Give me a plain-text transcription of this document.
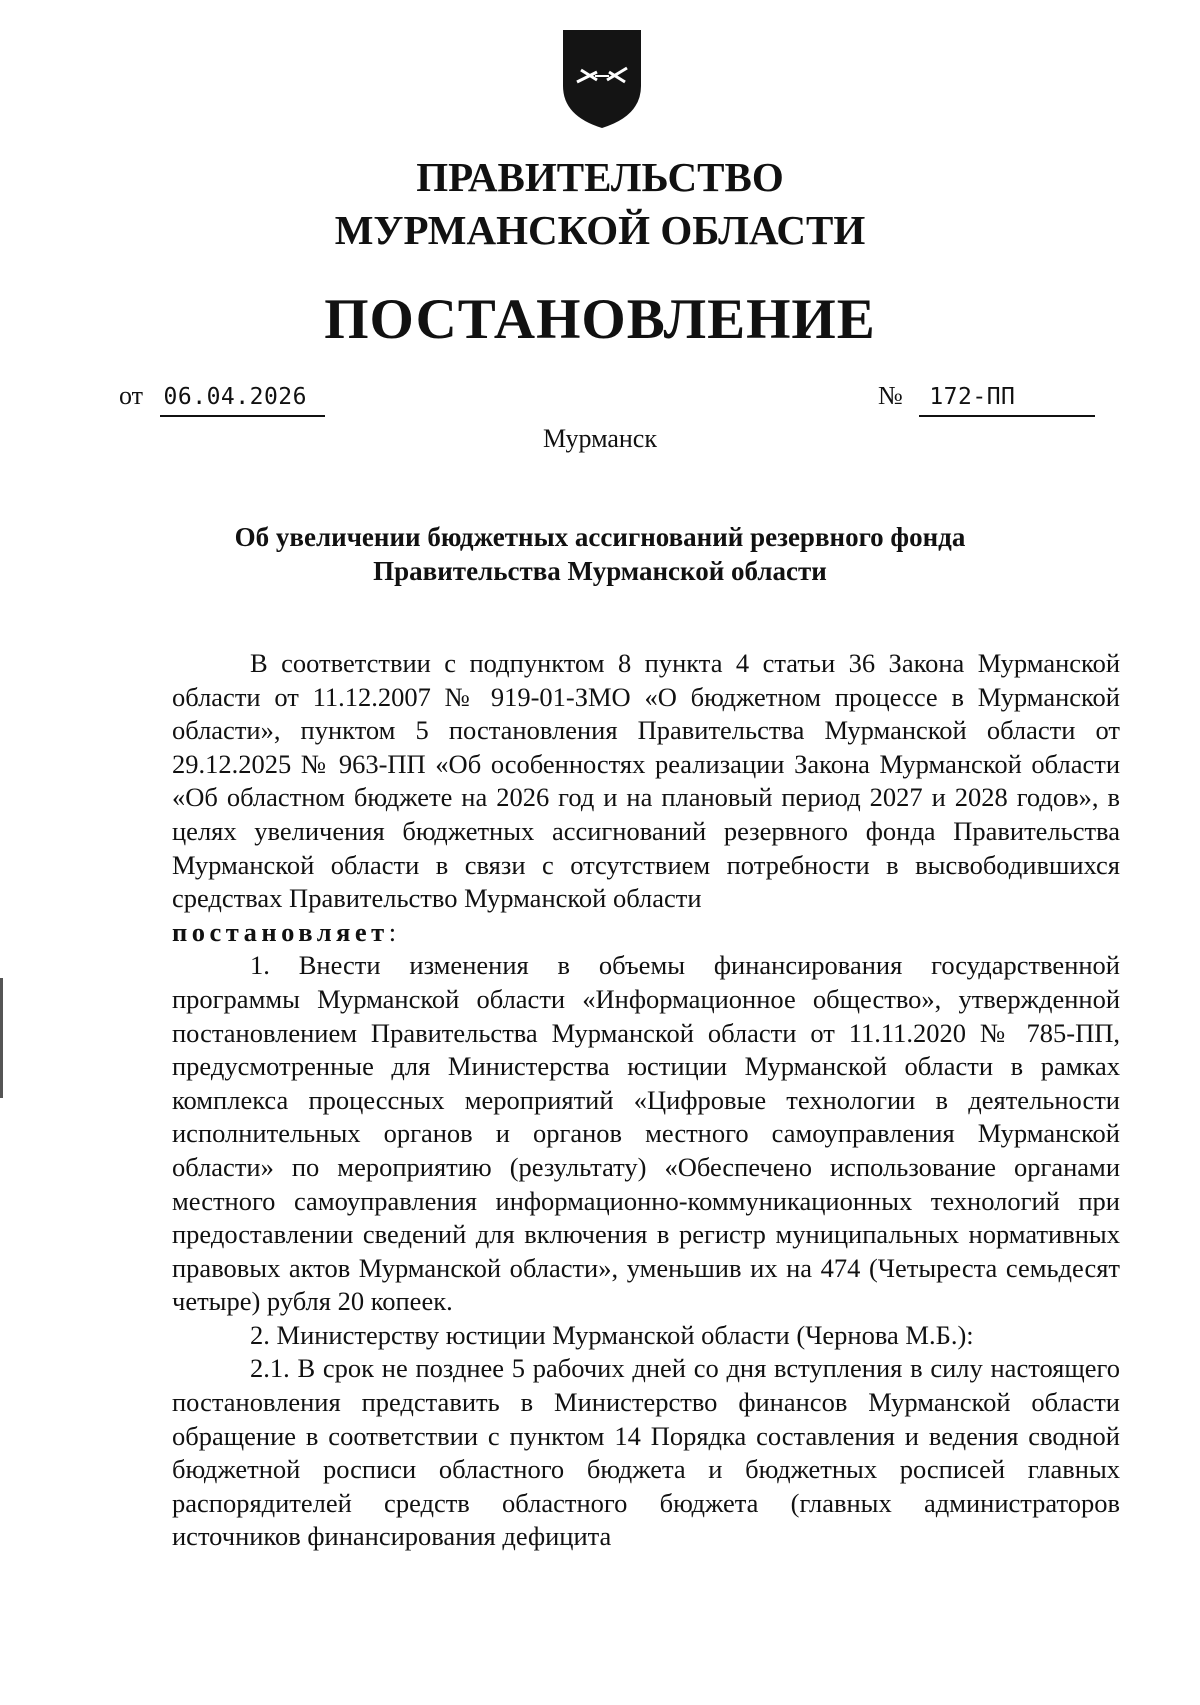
ПРАВИТЕЛЬСТВО
МУРМАНСКОЙ ОБЛАСТИ
ПОСТАНОВЛЕНИЕ
от 06.04.2026	№ 172-ПП
Мурманск
Об увеличении бюджетных ассигнований резервного фонда
Правительства Мурманской области

В соответствии с подпунктом 8 пункта 4 статьи 36 Закона Мурманской области от 11.12.2007 № 919-01-ЗМО «О бюджетном процессе в Мурманской области», пунктом 5 постановления Правительства Мурманской области от 29.12.2025 № 963-ПП «Об особенностях реализации Закона Мурманской области «Об областном бюджете на 2026 год и на плановый период 2027 и 2028 годов», в целях увеличения бюджетных ассигнований резервного фонда Правительства Мурманской области в связи с отсутствием потребности в высвободившихся средствах Правительство Мурманской области
постановляет:

1. Внести изменения в объемы финансирования государственной программы Мурманской области «Информационное общество», утвержденной постановлением Правительства Мурманской области от 11.11.2020 № 785-ПП, предусмотренные для Министерства юстиции Мурманской области в рамках комплекса процессных мероприятий «Цифровые технологии в деятельности исполнительных органов и органов местного самоуправления Мурманской области» по мероприятию (результату) «Обеспечено использование органами местного самоуправления информационно-коммуникационных технологий при предоставлении сведений для включения в регистр муниципальных нормативных правовых актов Мурманской области», уменьшив их на 474 (Четыреста семьдесят четыре) рубля 20 копеек.

2. Министерству юстиции Мурманской области (Чернова М.Б.):

2.1. В срок не позднее 5 рабочих дней со дня вступления в силу настоящего постановления представить в Министерство финансов Мурманской области обращение в соответствии с пунктом 14 Порядка составления и ведения сводной бюджетной росписи областного бюджета и бюджетных росписей главных распорядителей средств областного бюджета (главных администраторов источников финансирования дефицита
